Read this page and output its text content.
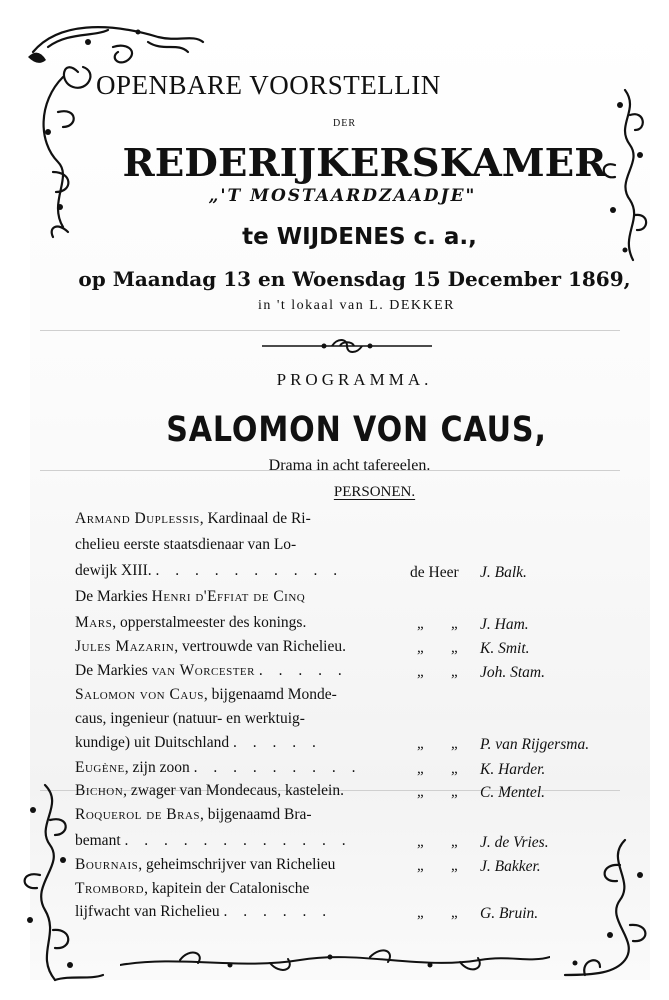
OPENBARE VOORSTELLIN
DER
REDERIJKERSKAMER
„'T MOSTAARDZAADJE"
te WIJDENES c. a.,
op Maandag 13 en Woensdag 15 December 1869,
in 't lokaal van L. DEKKER
PROGRAMMA.
SALOMON VON CAUS,
Drama in acht tafereelen.
PERSONEN.
Armand Duplessis, Kardinaal de Ri-
chelieu eerste staatsdienaar van Lo-
dewijk XIII. . . . . . . . . . .	de Heer J. Balk.
De Markies Henri d'Effiat de Cinq
Mars, opperstalmeester des konings.	„ „ J. Ham.
Jules Mazarin, vertrouwde van Richelieu.	„ „ K. Smit.
De Markies van Worcester . . . . .	„ „ Joh. Stam.
Salomon von Caus, bijgenaamd Monde-
caus, ingenieur (natuur- en werktuig-
kundige) uit Duitschland . . . . .	„ „ P. van Rijgersma.
Eugène, zijn zoon . . . . . . . . .	„ „ K. Harder.
Bichon, zwager van Mondecaus, kastelein.	„ „ C. Mentel.
Roquerol de Bras, bijgenaamd Bra-
bemant . . . . . . . . . . . .	„ „ J. de Vries.
Bournais, geheimschrijver van Richelieu	„ „ J. Bakker.
Trombord, kapitein der Catalonische
lijfwacht van Richelieu . . . . . .	„ „ G. Bruin.
